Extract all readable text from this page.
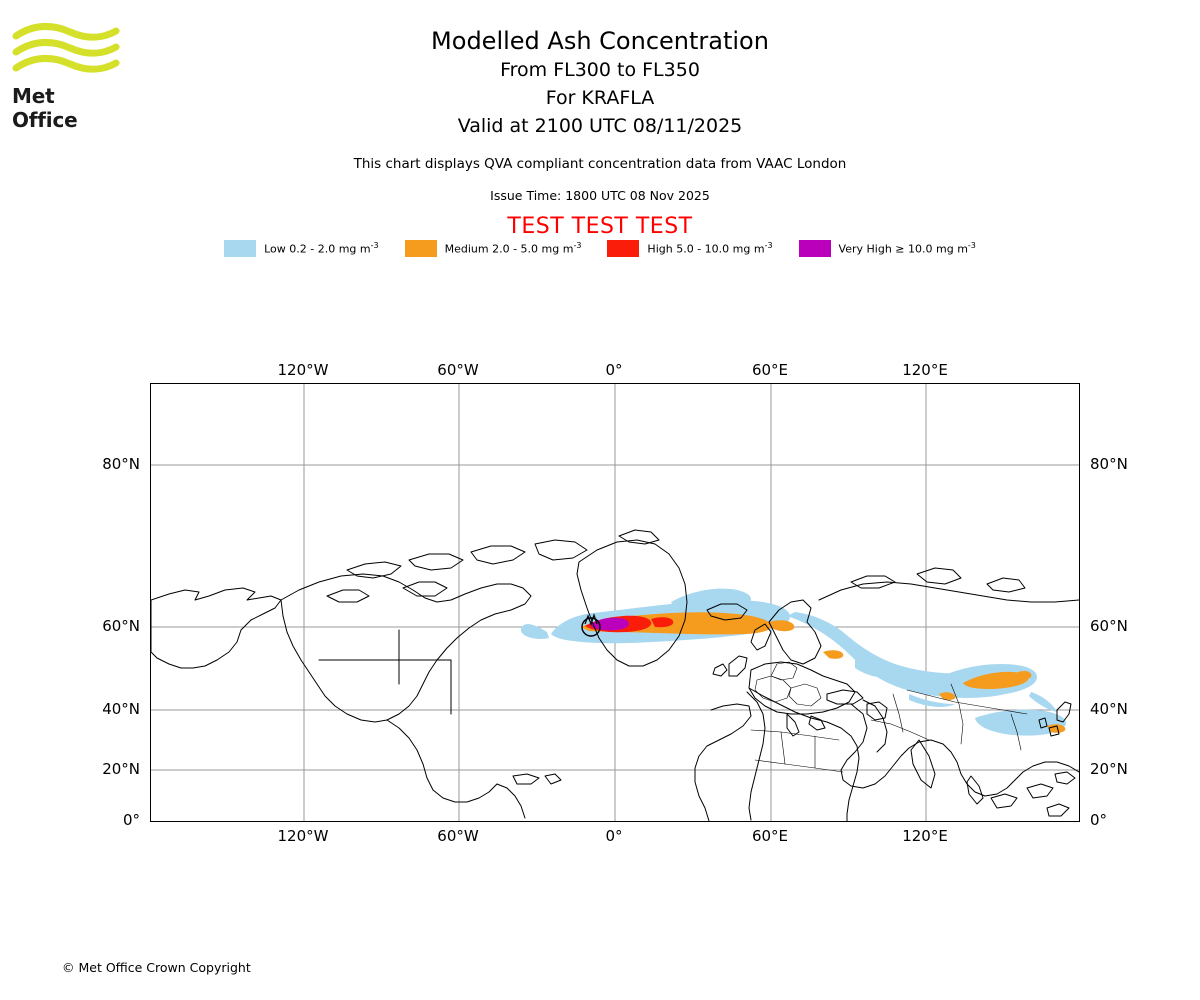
Met Office
Modelled Ash Concentration
From FL300 to FL350
For KRAFLA
Valid at 2100 UTC 08/11/2025
This chart displays QVA compliant concentration data from VAAC London
Issue Time: 1800 UTC 08 Nov 2025
TEST TEST TEST
Low 0.2 - 2.0 mg $m^{-3}$	Medium 2.0 - 5.0 mg $m^{-3}$	High 5.0 - 10.0 mg $m^{-3}$	Very High ≥ 10.0 mg $m^{-3}$
120°W	60°W	0°	60°E	120°E
120°W	60°W	0°	60°E	120°E
80°N
60°N
40°N
20°N
0°
80°N
60°N
40°N
20°N
0°
© Met Office Crown Copyright
